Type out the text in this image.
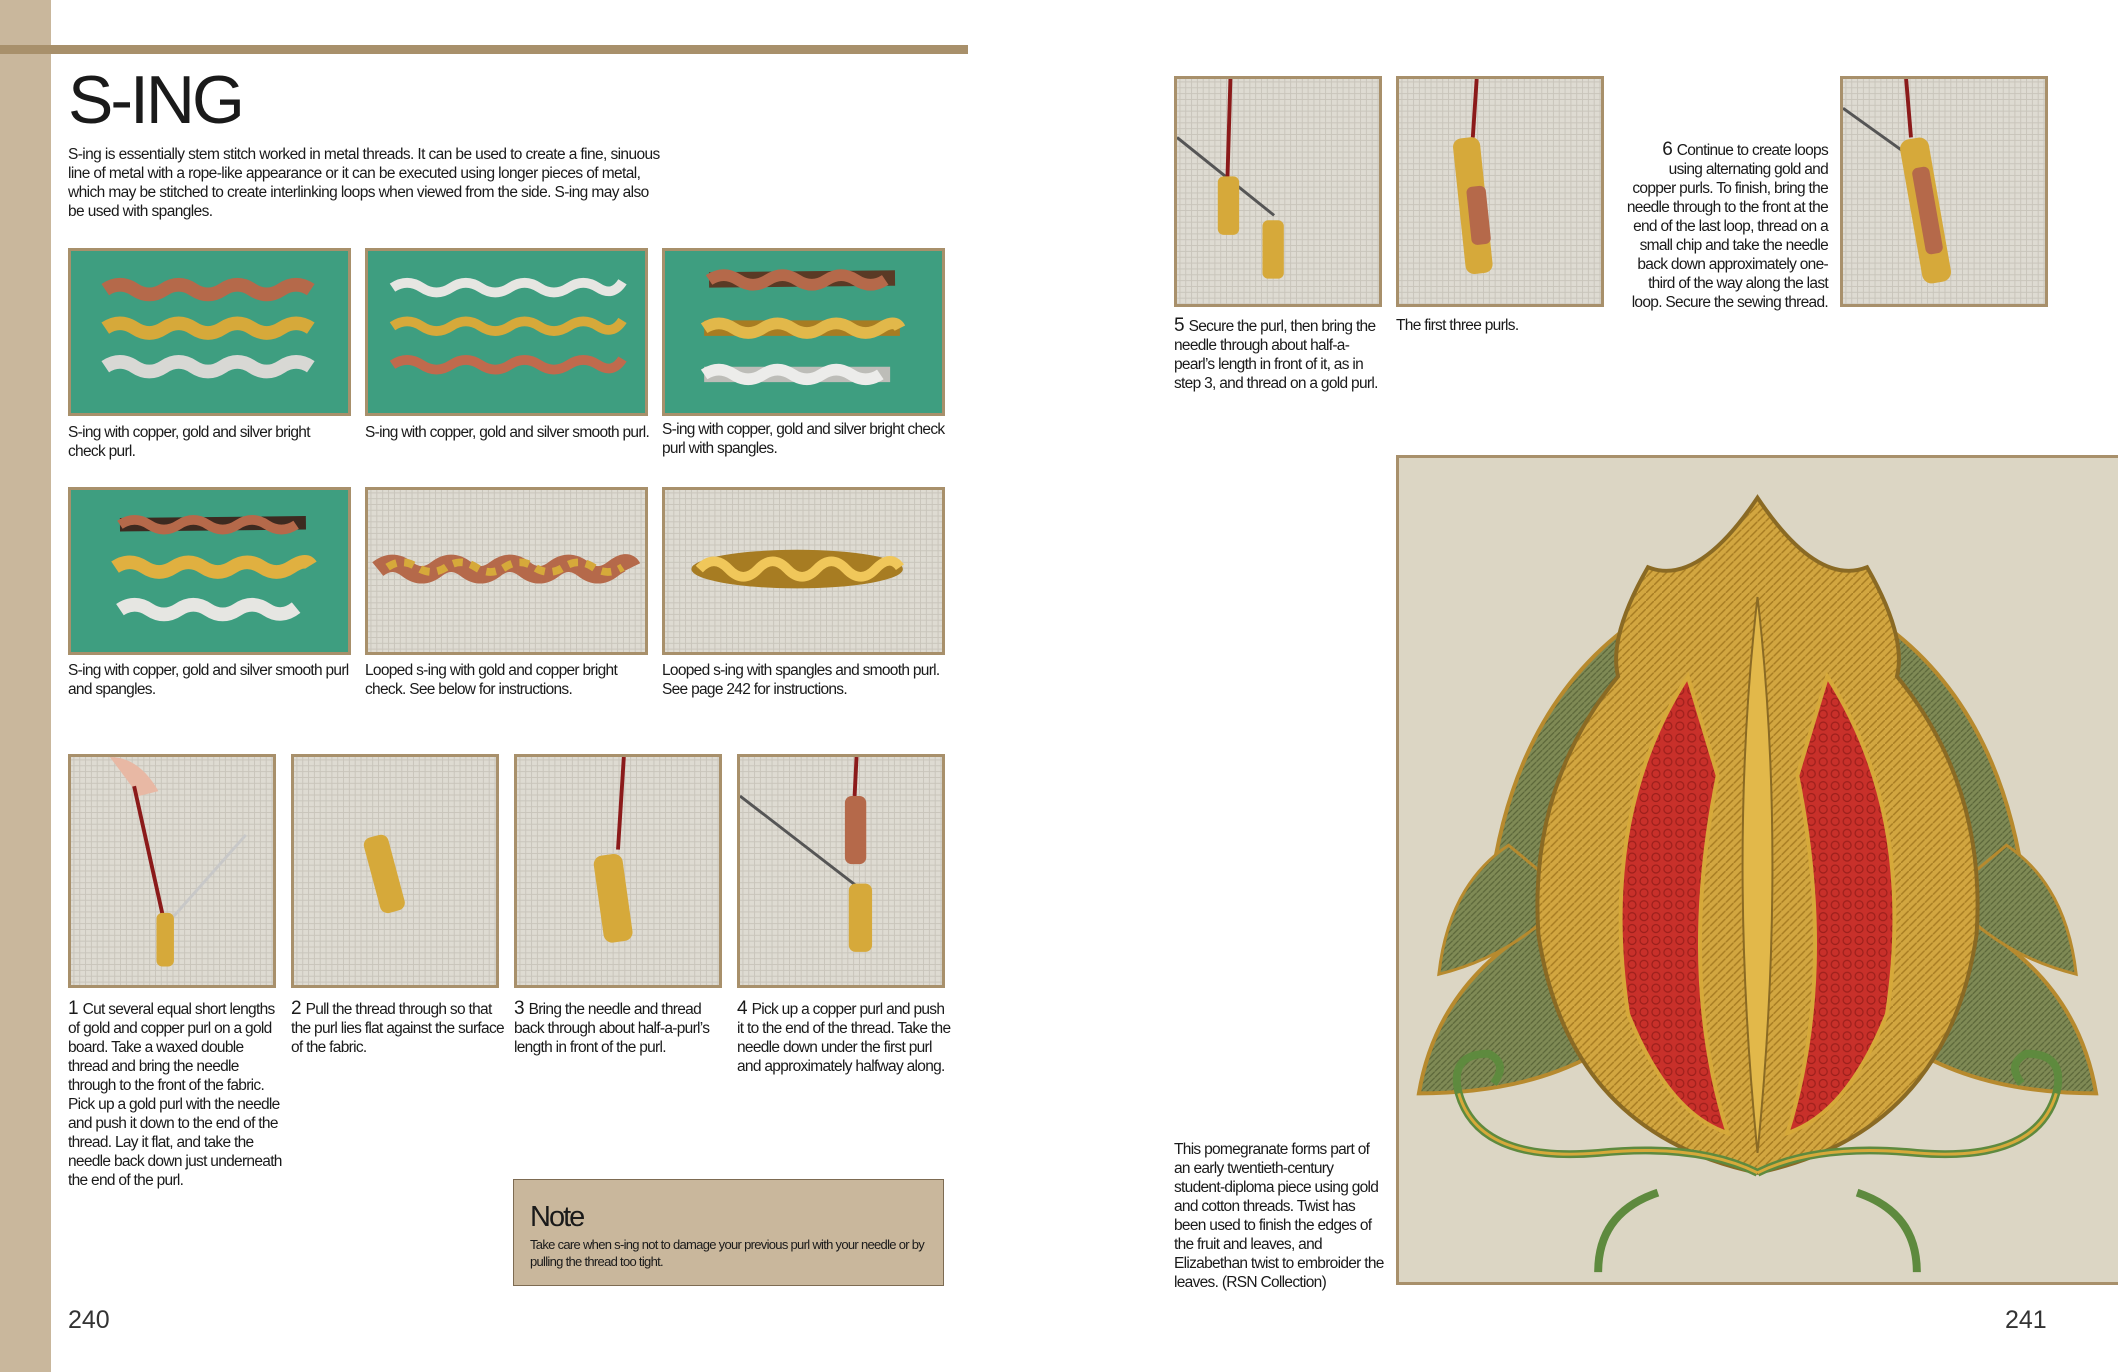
S-ING

S-ing is essentially stem stitch worked in metal threads. It can be used to create a fine, sinuous line of metal with a rope-like appearance or it can be executed using longer pieces of metal, which may be stitched to create interlinking loops when viewed from the side. S-ing may also be used with spangles.

S-ing with copper, gold and silver bright check purl.

S-ing with copper, gold and silver smooth purl. S-ing with copper, gold and silver bright check purl with spangles.

S-ing with copper, gold and silver smooth purl and spangles.

Looped s-ing with gold and copper bright check. See below for instructions.

Looped s-ing with spangles and smooth purl. See page 242 for instructions.

1 Cut several equal short lengths of gold and copper purl on a gold board. Take a waxed double thread and bring the needle through to the front of the fabric. Pick up a gold purl with the needle and push it down to the end of the thread. Lay it flat, and take the needle back down just underneath the end of the purl.

2 Pull the thread through so that the purl lies flat against the surface of the fabric.

3 Bring the needle and thread back through about half-a-purl’s length in front of the purl.

4 Pick up a copper purl and push it to the end of the thread. Take the needle down under the first purl and approximately halfway along.

Note

Take care when s-ing not to damage your previous purl with your needle or by pulling the thread too tight.

240

5 Secure the purl, then bring the needle through about half-a-pearl’s length in front of it, as in step 3, and thread on a gold purl.

The first three purls.

6 Continue to create loops using alternating gold and copper purls. To finish, bring the needle through to the front at the end of the last loop, thread on a small chip and take the needle back down approximately one-third of the way along the last loop. Secure the sewing thread.

This pomegranate forms part of an early twentieth-century student-diploma piece using gold and cotton threads. Twist has been used to finish the edges of the fruit and leaves, and Elizabethan twist to embroider the leaves. (RSN Collection)

241
